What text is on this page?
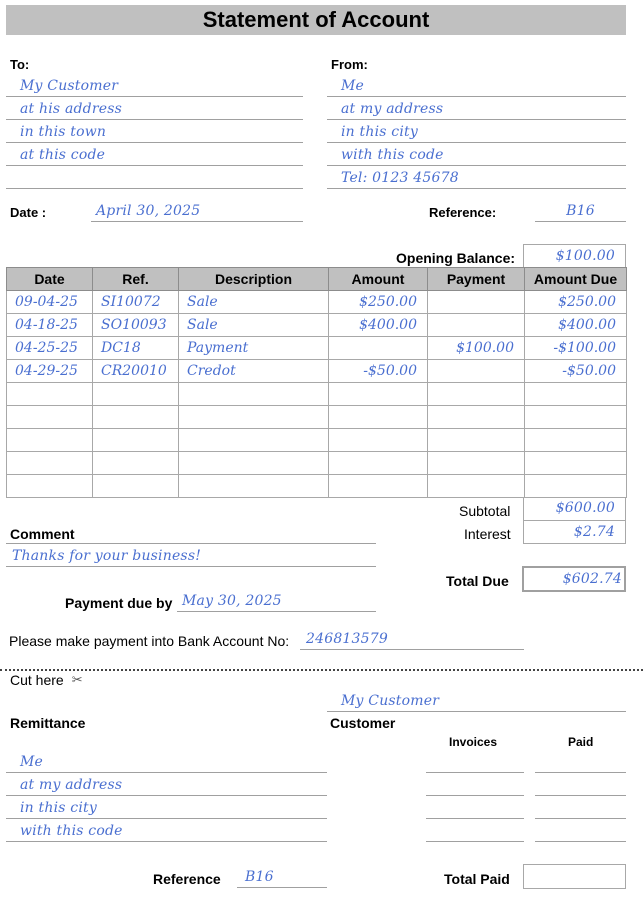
Statement of Account
To:
My Customer
at his address
in this town
at this code
From:
Me
at my address
in this city
with this code
Tel: 0123 45678
Date :	April 30, 2025	Reference:	B16
Opening Balance:	$100.00
Date	Ref.	Description	Amount	Payment	Amount Due
09-04-25	SI10072	Sale	$250.00		$250.00
04-18-25	SO10093	Sale	$400.00		$400.00
04-25-25	DC18	Payment		$100.00	-$100.00
04-29-25	CR20010	Credot	-$50.00		-$50.00

Subtotal	$600.00
Interest	$2.74
Total Due	$602.74
Comment
Thanks for your business!
Payment due by May 30, 2025
Please make payment into Bank Account No:	246813579
Cut here ✂
My Customer
Remittance	Customer
Invoices	Paid
Me
at my address
in this city
with this code
Reference	B16	Total Paid
